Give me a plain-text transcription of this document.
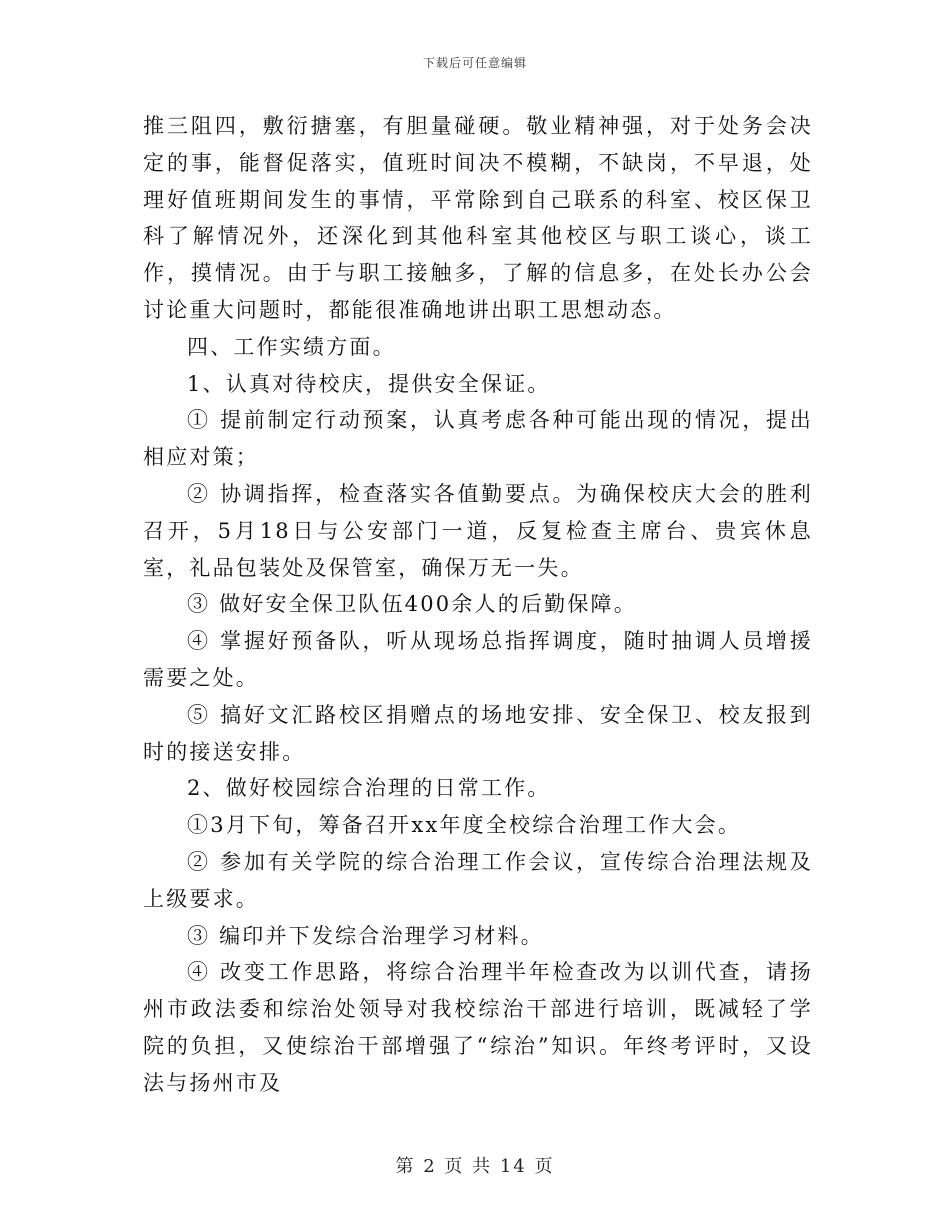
下载后可任意编辑

推三阻四，敷衍搪塞，有胆量碰硬。敬业精神强，对于处务会决定的事，能督促落实，值班时间决不模糊，不缺岗，不早退，处理好值班期间发生的事情，平常除到自己联系的科室、校区保卫科了解情况外，还深化到其他科室其他校区与职工谈心，谈工作，摸情况。由于与职工接触多，了解的信息多，在处长办公会讨论重大问题时，都能很准确地讲出职工思想动态。

四、工作实绩方面。

1、认真对待校庆，提供安全保证。

① 提前制定行动预案，认真考虑各种可能出现的情况，提出相应对策；

② 协调指挥，检查落实各值勤要点。为确保校庆大会的胜利召开，5月18日与公安部门一道，反复检查主席台、贵宾休息室，礼品包装处及保管室，确保万无一失。

③ 做好安全保卫队伍400余人的后勤保障。

④ 掌握好预备队，听从现场总指挥调度，随时抽调人员增援需要之处。

⑤ 搞好文汇路校区捐赠点的场地安排、安全保卫、校友报到时的接送安排。

2、做好校园综合治理的日常工作。

①3月下旬，筹备召开xx年度全校综合治理工作大会。

② 参加有关学院的综合治理工作会议，宣传综合治理法规及上级要求。

③ 编印并下发综合治理学习材料。

④ 改变工作思路，将综合治理半年检查改为以训代查，请扬州市政法委和综治处领导对我校综治干部进行培训，既减轻了学院的负担，又使综治干部增强了“综治”知识。年终考评时，又设法与扬州市及

第 2 页 共 14 页
